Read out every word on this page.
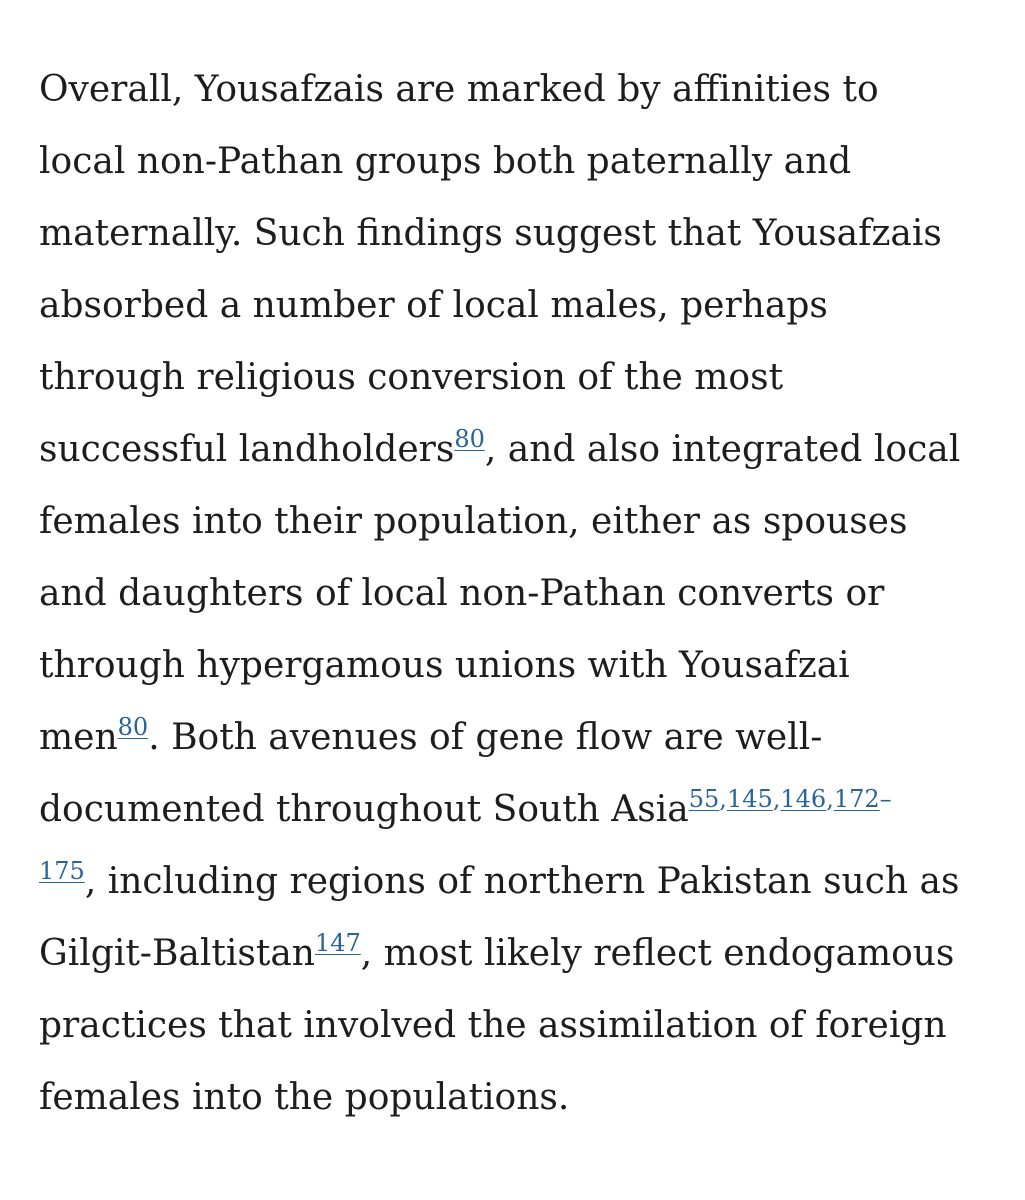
Overall, Yousafzais are marked by affinities to
local non-Pathan groups both paternally and
maternally. Such findings suggest that Yousafzais
absorbed a number of local males, perhaps
through religious conversion of the most
successful landholders$^{80}$, and also integrated local
females into their population, either as spouses
and daughters of local non-Pathan converts or
through hypergamous unions with Yousafzai
men$^{80}$. Both avenues of gene flow are well-
documented throughout South Asia$^{55,145,146,172-}$
$^{175}$, including regions of northern Pakistan such as
Gilgit-Baltistan$^{147}$, most likely reflect endogamous
practices that involved the assimilation of foreign
females into the populations.
